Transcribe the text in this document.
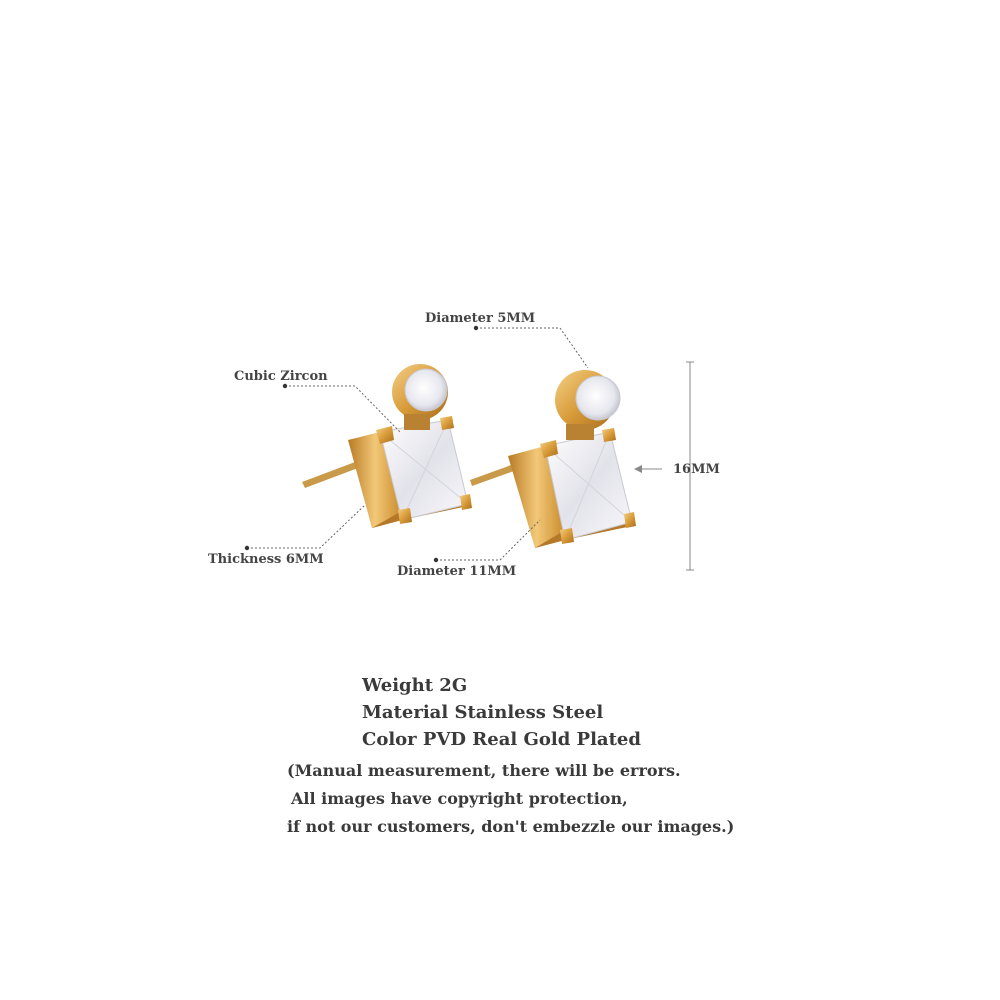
Diameter 5MM
Cubic Zircon
16MM
Thickness 6MM
Diameter 11MM
Weight 2G
Material Stainless Steel
Color PVD Real Gold Plated
(Manual measurement, there will be errors.
All images have copyright protection,
if not our customers, don't embezzle our images.)
